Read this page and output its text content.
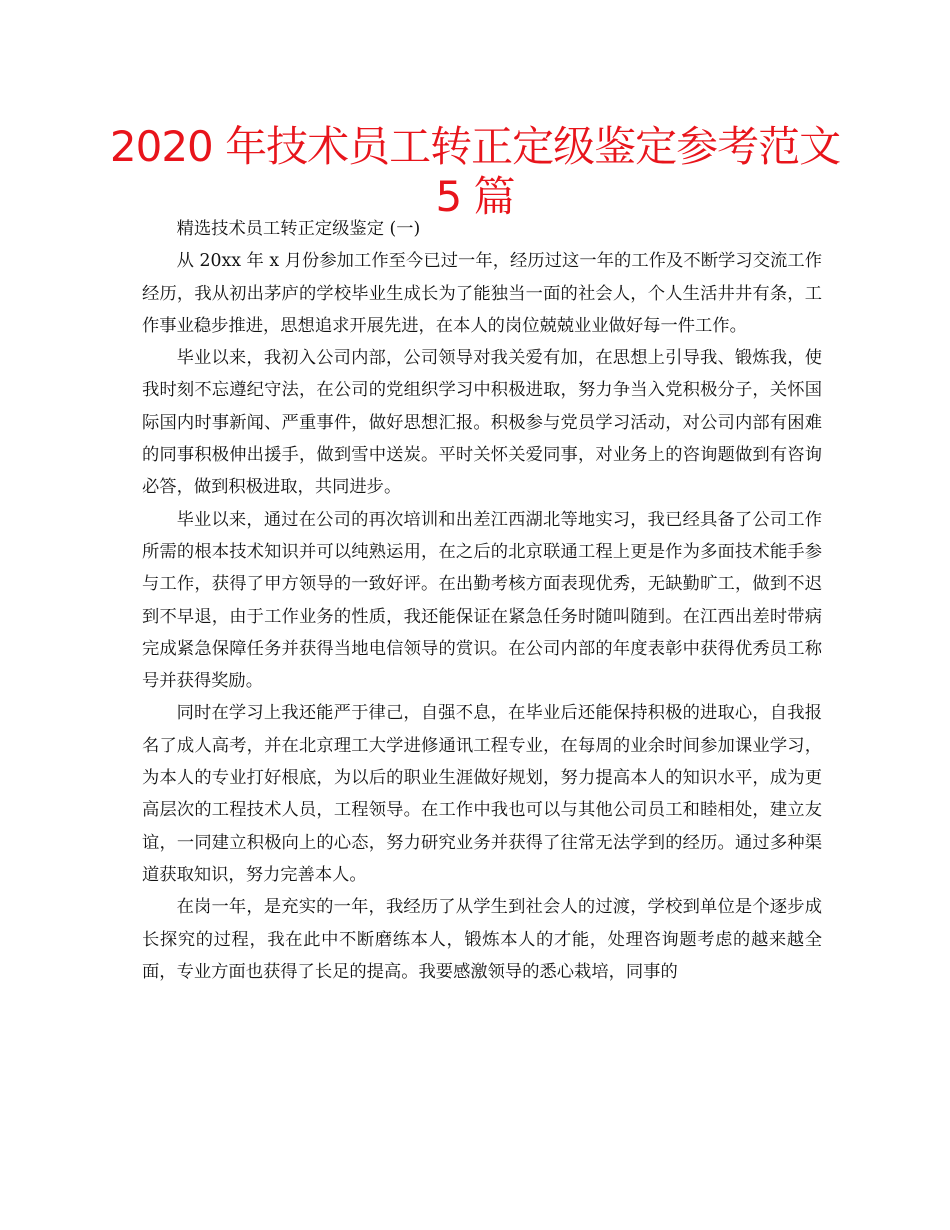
2020 年技术员工转正定级鉴定参考范文 5 篇
精选技术员工转正定级鉴定 (一)

从 20xx 年 x 月份参加工作至今已过一年，经历过这一年的工作及不断学习交流工作经历，我从初出茅庐的学校毕业生成长为了能独当一面的社会人，个人生活井井有条，工作事业稳步推进，思想追求开展先进，在本人的岗位兢兢业业做好每一件工作。

毕业以来，我初入公司内部，公司领导对我关爱有加，在思想上引导我、锻炼我，使我时刻不忘遵纪守法，在公司的党组织学习中积极进取，努力争当入党积极分子，关怀国际国内时事新闻、严重事件，做好思想汇报。积极参与党员学习活动，对公司内部有困难的同事积极伸出援手，做到雪中送炭。平时关怀关爱同事，对业务上的咨询题做到有咨询必答，做到积极进取，共同进步。

毕业以来，通过在公司的再次培训和出差江西湖北等地实习，我已经具备了公司工作所需的根本技术知识并可以纯熟运用，在之后的北京联通工程上更是作为多面技术能手参与工作，获得了甲方领导的一致好评。在出勤考核方面表现优秀，无缺勤旷工，做到不迟到不早退，由于工作业务的性质，我还能保证在紧急任务时随叫随到。在江西出差时带病完成紧急保障任务并获得当地电信领导的赏识。在公司内部的年度表彰中获得优秀员工称号并获得奖励。

同时在学习上我还能严于律己，自强不息，在毕业后还能保持积极的进取心，自我报名了成人高考，并在北京理工大学进修通讯工程专业，在每周的业余时间参加课业学习，为本人的专业打好根底，为以后的职业生涯做好规划，努力提高本人的知识水平，成为更高层次的工程技术人员，工程领导。在工作中我也可以与其他公司员工和睦相处，建立友谊，一同建立积极向上的心态，努力研究业务并获得了往常无法学到的经历。通过多种渠道获取知识，努力完善本人。

在岗一年，是充实的一年，我经历了从学生到社会人的过渡，学校到单位是个逐步成长探究的过程，我在此中不断磨练本人，锻炼本人的才能，处理咨询题考虑的越来越全面，专业方面也获得了长足的提高。我要感激领导的悉心栽培，同事的
